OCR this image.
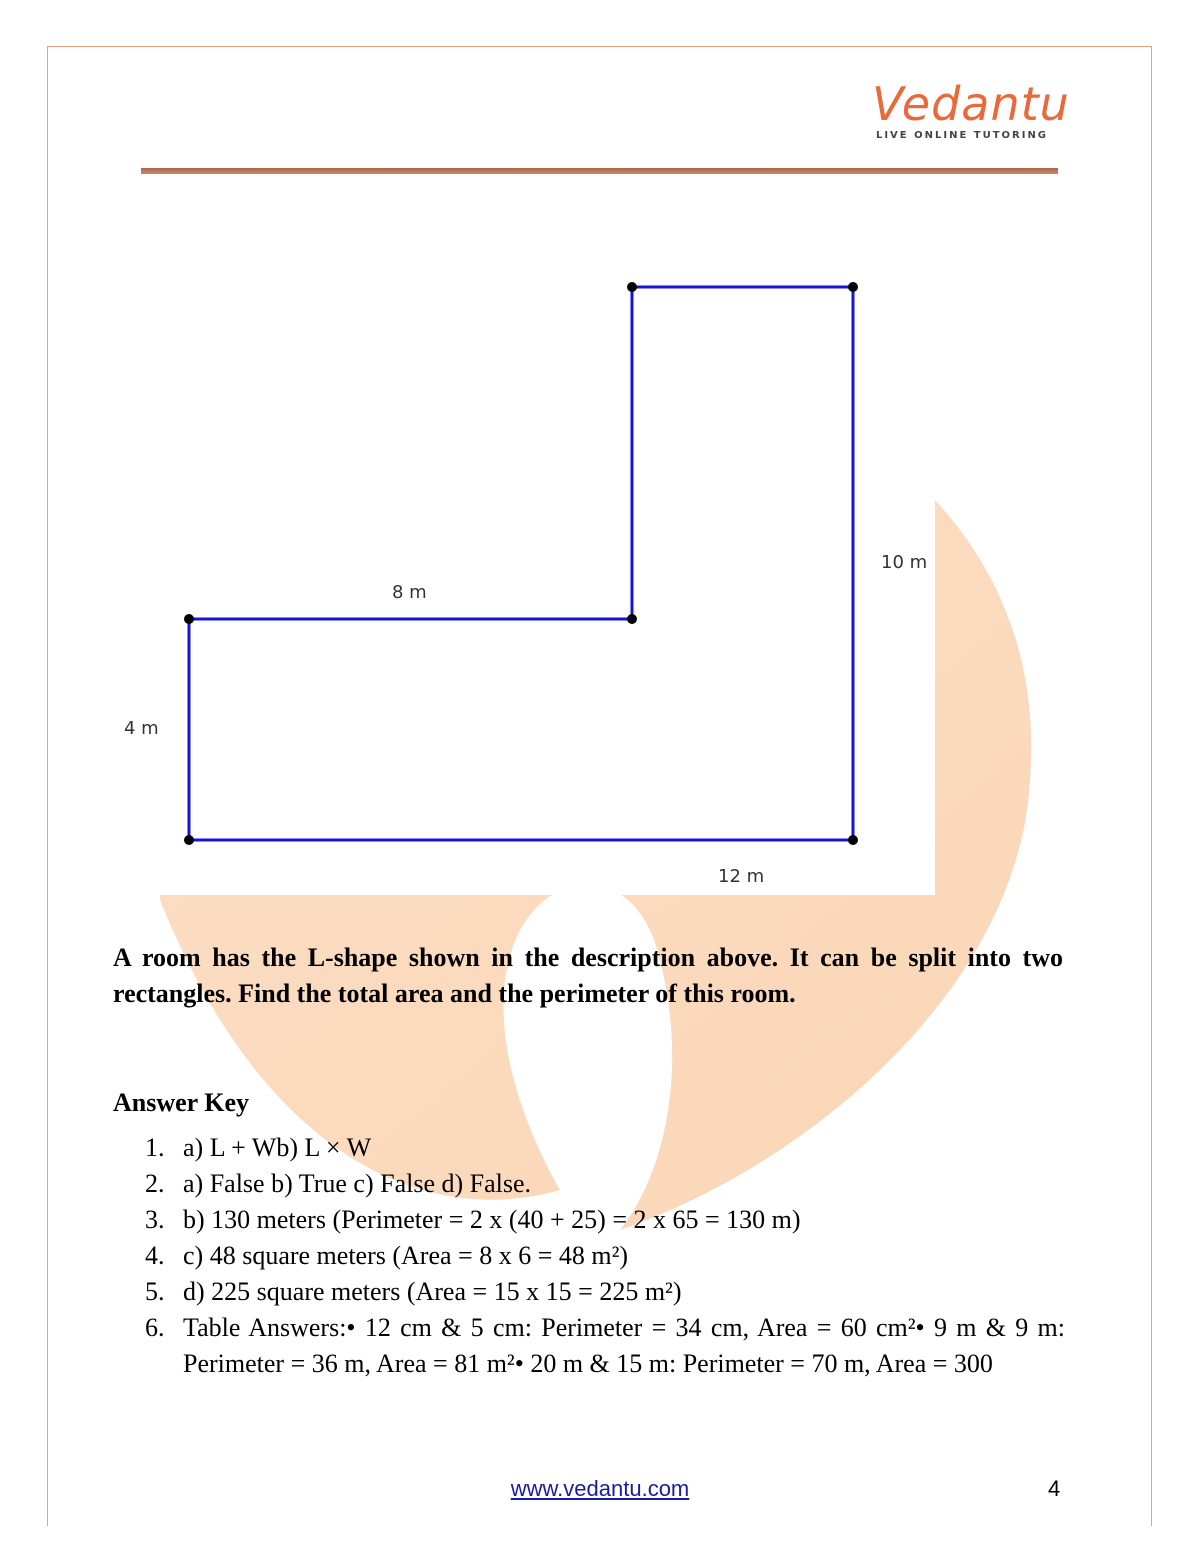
Vedantu
LIVE ONLINE TUTORING
8 m
10 m
4 m
12 m
A room has the L-shape shown in the description above. It can be split into two rectangles. Find the total area and the perimeter of this room.
Answer Key
1. a) L + Wb) L × W
2. a) False b) True c) False d) False.
3. b) 130 meters (Perimeter = 2 x (40 + 25) = 2 x 65 = 130 m)
4. c) 48 square meters (Area = 8 x 6 = 48 m²)
5. d) 225 square meters (Area = 15 x 15 = 225 m²)
6. Table Answers:• 12 cm & 5 cm: Perimeter = 34 cm, Area = 60 cm²• 9 m & 9 m: Perimeter = 36 m, Area = 81 m²• 20 m & 15 m: Perimeter = 70 m, Area = 300
www.vedantu.com	4
